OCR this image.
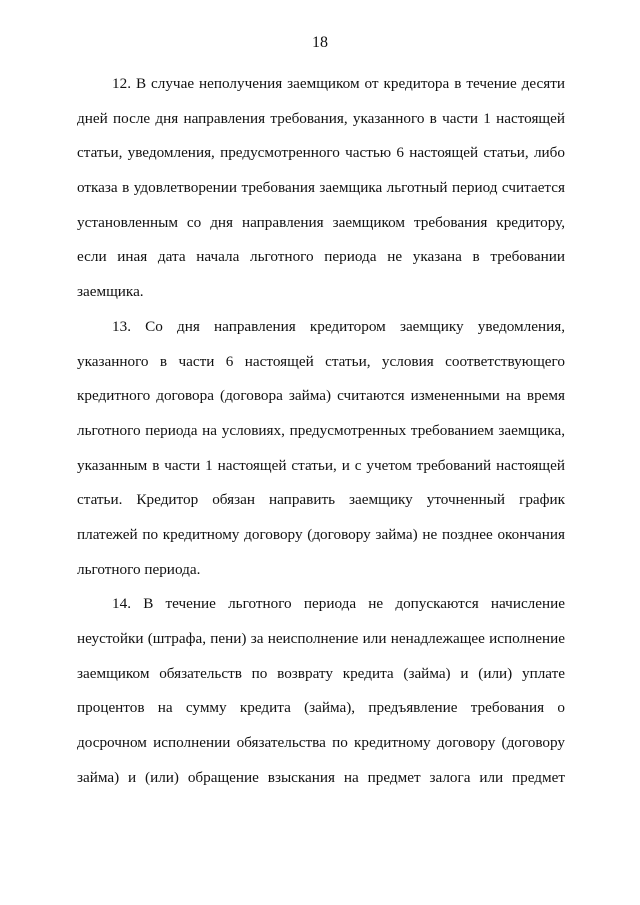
18

12. В случае неполучения заемщиком от кредитора в течение десяти
дней после дня направления требования, указанного в части 1 настоящей
статьи, уведомления, предусмотренного частью 6 настоящей статьи, либо
отказа в удовлетворении требования заемщика льготный период считается
установленным со дня направления заемщиком требования кредитору,
если иная дата начала льготного периода не указана в требовании
заемщика.

13. Со дня направления кредитором заемщику уведомления,
указанного в части 6 настоящей статьи, условия соответствующего
кредитного договора (договора займа) считаются измененными на время
льготного периода на условиях, предусмотренных требованием заемщика,
указанным в части 1 настоящей статьи, и с учетом требований настоящей
статьи. Кредитор обязан направить заемщику уточненный график
платежей по кредитному договору (договору займа) не позднее окончания
льготного периода.

14. В течение льготного периода не допускаются начисление
неустойки (штрафа, пени) за неисполнение или ненадлежащее исполнение
заемщиком обязательств по возврату кредита (займа) и (или) уплате
процентов на сумму кредита (займа), предъявление требования о
досрочном исполнении обязательства по кредитному договору (договору
займа) и (или) обращение взыскания на предмет залога или предмет
